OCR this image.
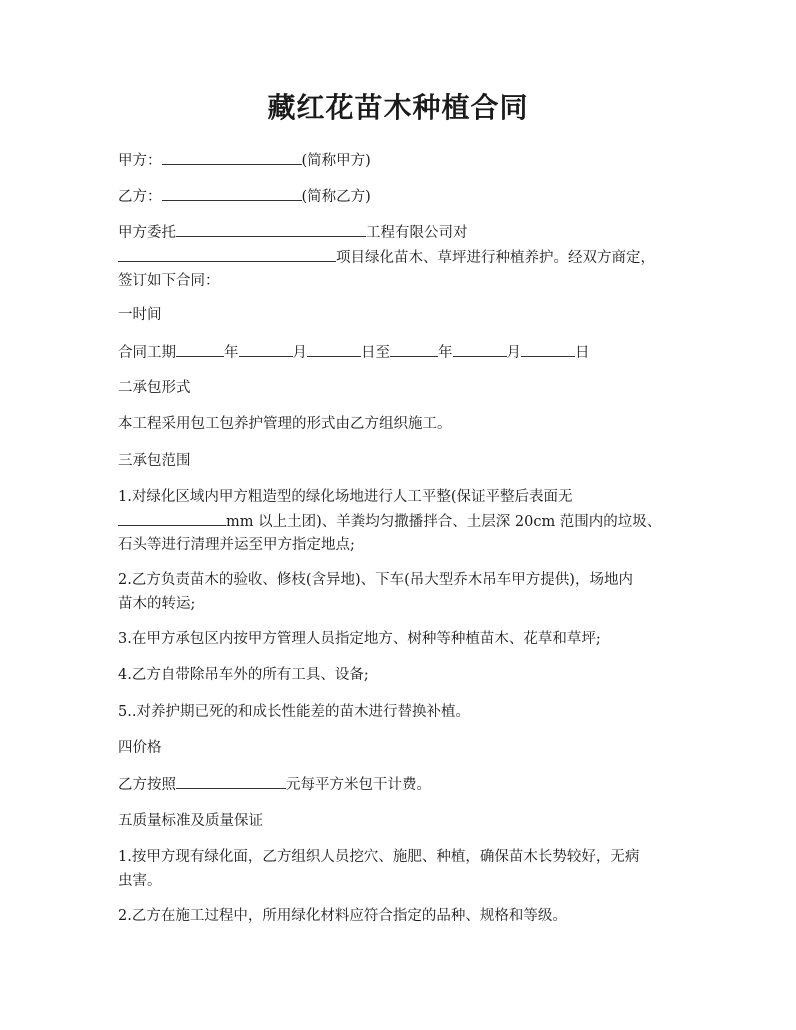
藏红花苗木种植合同
甲方：	(简称甲方)
乙方：	(简称乙方)
甲方委托	工程有限公司对
项目绿化苗木、草坪进行种植养护。经双方商定，
签订如下合同：
一时间
合同工期	年	月	日至	年	月	日
二承包形式
本工程采用包工包养护管理的形式由乙方组织施工。
三承包范围
1.对绿化区域内甲方粗造型的绿化场地进行人工平整(保证平整后表面无
mm 以上土团)、羊粪均匀撒播拌合、土层深 20cm 范围内的垃圾、
石头等进行清理并运至甲方指定地点;
2.乙方负责苗木的验收、修枝(含异地)、下车(吊大型乔木吊车甲方提供)，场地内
苗木的转运;
3.在甲方承包区内按甲方管理人员指定地方、树种等种植苗木、花草和草坪;
4.乙方自带除吊车外的所有工具、设备;
5..对养护期已死的和成长性能差的苗木进行替换补植。
四价格
乙方按照	元每平方米包干计费。
五质量标准及质量保证
1.按甲方现有绿化面，乙方组织人员挖穴、施肥、种植，确保苗木长势较好，无病
虫害。
2.乙方在施工过程中，所用绿化材料应符合指定的品种、规格和等级。
